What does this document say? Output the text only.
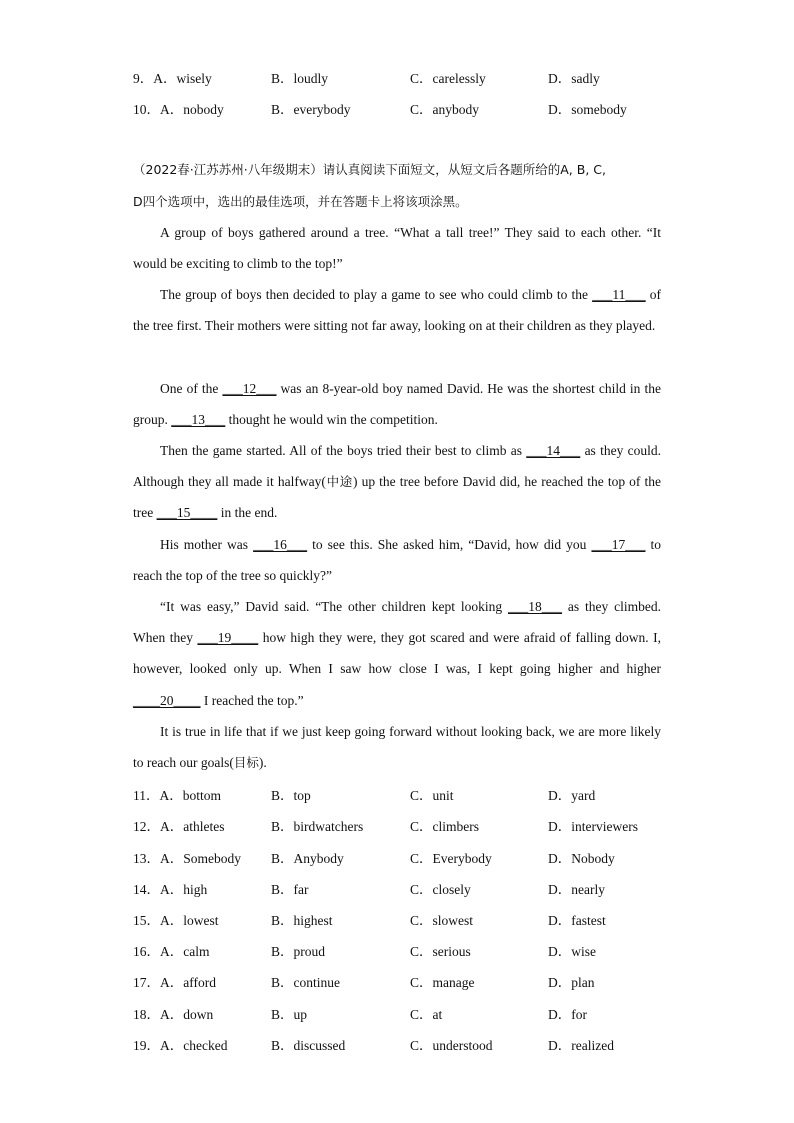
9．A．wisely	B．loudly	C．carelessly	D．sadly
10．A．nobody	B．everybody	C．anybody	D．somebody
（2022春·江苏苏州·八年级期末）请认真阅读下面短文，从短文后各题所给的A, B, C,
D四个选项中，选出的最佳选项，并在答题卡上将该项涂黑。
A group of boys gathered around a tree. “What a tall tree!” They said to each other. “It would be exciting to climb to the top!”
The group of boys then decided to play a game to see who could climb to the ___11___ of the tree first. Their mothers were sitting not far away, looking on at their children as they played.
One of the ___12___ was an 8-year-old boy named David. He was the shortest child in the group. ___13___ thought he would win the competition.
Then the game started. All of the boys tried their best to climb as ___14___ as they could. Although they all made it halfway(中途) up the tree before David did, he reached the top of the tree ___15____ in the end.
His mother was ___16___ to see this. She asked him, “David, how did you ___17___ to reach the top of the tree so quickly?”
“It was easy,” David said. “The other children kept looking ___18___ as they climbed. When they ___19____ how high they were, they got scared and were afraid of falling down. I, however, looked only up. When I saw how close I was, I kept going higher and higher ____20____ I reached the top.”
It is true in life that if we just keep going forward without looking back, we are more likely to reach our goals(目标).
11．A．bottom	B．top	C．unit	D．yard
12．A．athletes	B．birdwatchers	C．climbers	D．interviewers
13．A．Somebody B．Anybody	C．Everybody	D．Nobody
14．A．high	B．far	C．closely	D．nearly
15．A．lowest	B．highest	C．slowest	D．fastest
16．A．calm	B．proud	C．serious	D．wise
17．A．afford	B．continue	C．manage	D．plan
18．A．down	B．up	C．at	D．for
19．A．checked	B．discussed	C．understood	D．realized
